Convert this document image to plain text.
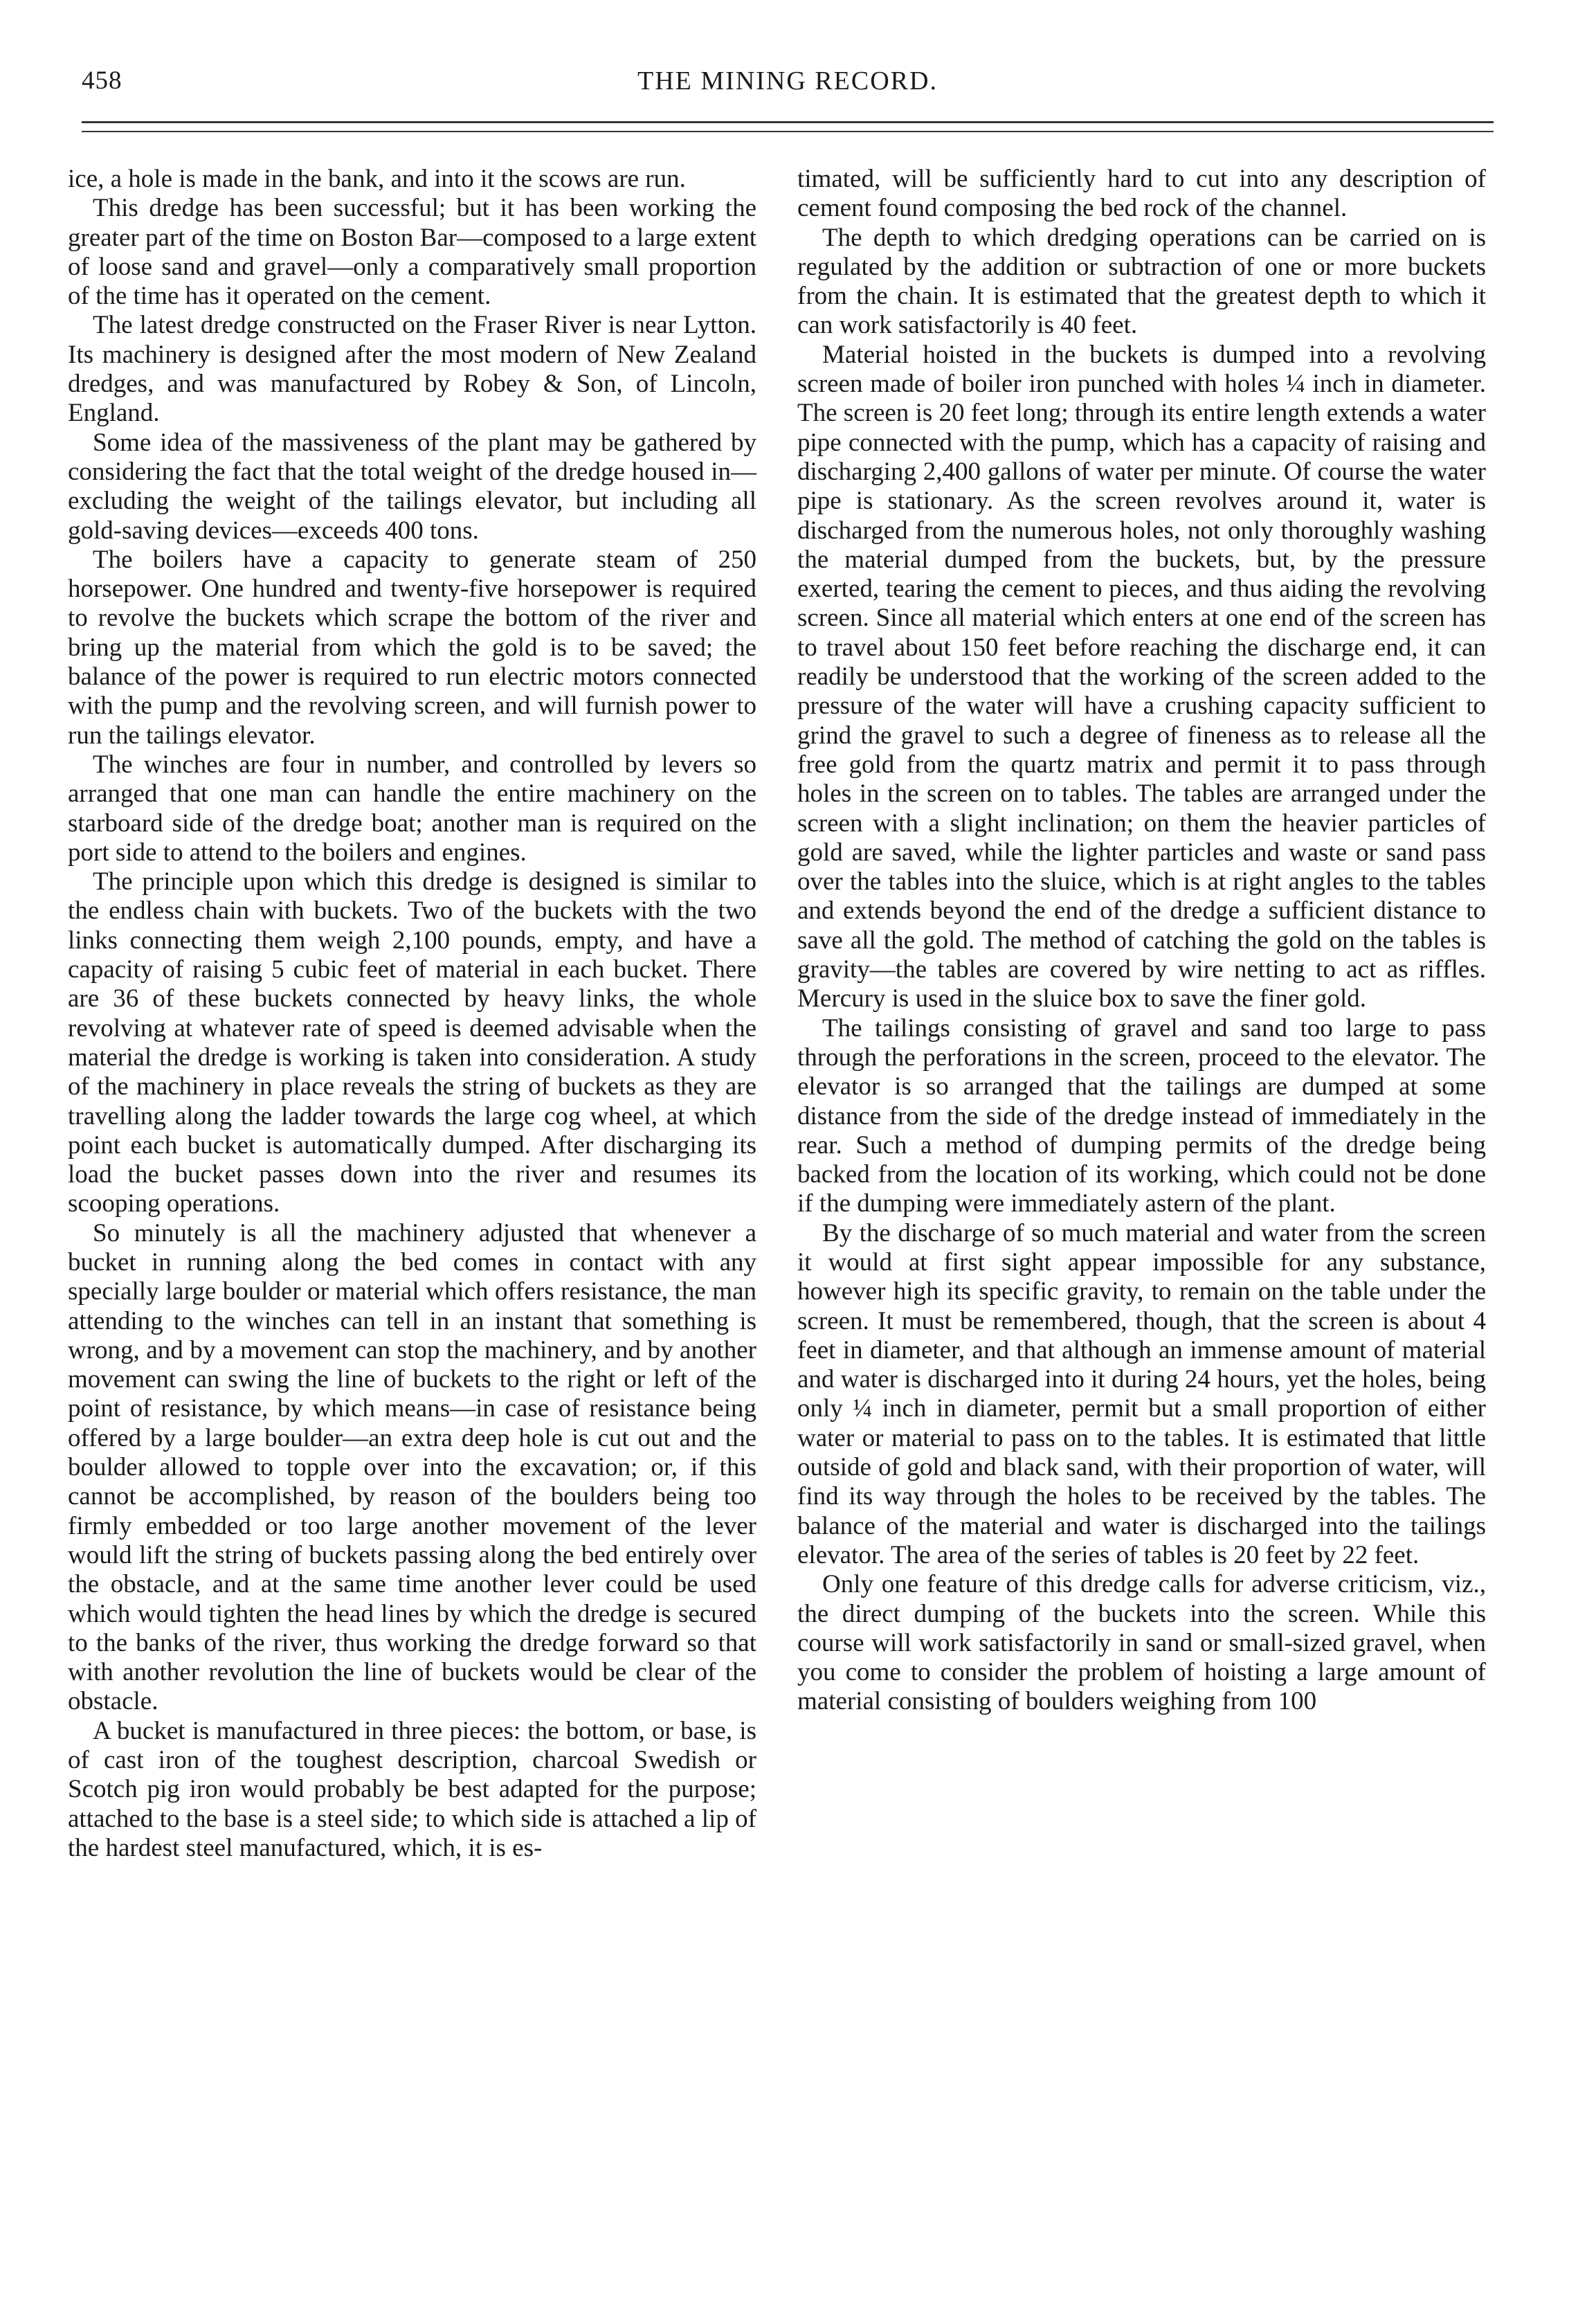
458	THE MINING RECORD.

ice, a hole is made in the bank, and into it the scows are run.

This dredge has been successful; but it has been working the greater part of the time on Boston Bar—composed to a large extent of loose sand and gravel—only a comparatively small proportion of the time has it operated on the cement.

The latest dredge constructed on the Fraser River is near Lytton. Its machinery is designed after the most modern of New Zealand dredges, and was manufactured by Robey & Son, of Lincoln, England.

Some idea of the massiveness of the plant may be gathered by considering the fact that the total weight of the dredge housed in—excluding the weight of the tailings elevator, but including all gold-saving devices—exceeds 400 tons.

The boilers have a capacity to generate steam of 250 horsepower. One hundred and twenty-five horsepower is required to revolve the buckets which scrape the bottom of the river and bring up the material from which the gold is to be saved; the balance of the power is required to run electric motors connected with the pump and the revolving screen, and will furnish power to run the tailings elevator.

The winches are four in number, and controlled by levers so arranged that one man can handle the entire machinery on the starboard side of the dredge boat; another man is required on the port side to attend to the boilers and engines.

The principle upon which this dredge is designed is similar to the endless chain with buckets. Two of the buckets with the two links connecting them weigh 2,100 pounds, empty, and have a capacity of raising 5 cubic feet of material in each bucket. There are 36 of these buckets connected by heavy links, the whole revolving at whatever rate of speed is deemed advisable when the material the dredge is working is taken into consideration. A study of the machinery in place reveals the string of buckets as they are travelling along the ladder towards the large cog wheel, at which point each bucket is automatically dumped. After discharging its load the bucket passes down into the river and resumes its scooping operations.

So minutely is all the machinery adjusted that whenever a bucket in running along the bed comes in contact with any specially large boulder or material which offers resistance, the man attending to the winches can tell in an instant that something is wrong, and by a movement can stop the machinery, and by another movement can swing the line of buckets to the right or left of the point of resistance, by which means—in case of resistance being offered by a large boulder—an extra deep hole is cut out and the boulder allowed to topple over into the excavation; or, if this cannot be accomplished, by reason of the boulders being too firmly embedded or too large another movement of the lever would lift the string of buckets passing along the bed entirely over the obstacle, and at the same time another lever could be used which would tighten the head lines by which the dredge is secured to the banks of the river, thus working the dredge forward so that with another revolution the line of buckets would be clear of the obstacle.

A bucket is manufactured in three pieces: the bottom, or base, is of cast iron of the toughest description, charcoal Swedish or Scotch pig iron would probably be best adapted for the purpose; attached to the base is a steel side; to which side is attached a lip of the hardest steel manufactured, which, it is es-

timated, will be sufficiently hard to cut into any description of cement found composing the bed rock of the channel.

The depth to which dredging operations can be carried on is regulated by the addition or subtraction of one or more buckets from the chain. It is estimated that the greatest depth to which it can work satisfactorily is 40 feet.

Material hoisted in the buckets is dumped into a revolving screen made of boiler iron punched with holes ¼ inch in diameter. The screen is 20 feet long; through its entire length extends a water pipe connected with the pump, which has a capacity of raising and discharging 2,400 gallons of water per minute. Of course the water pipe is stationary. As the screen revolves around it, water is discharged from the numerous holes, not only thoroughly washing the material dumped from the buckets, but, by the pressure exerted, tearing the cement to pieces, and thus aiding the revolving screen. Since all material which enters at one end of the screen has to travel about 150 feet before reaching the discharge end, it can readily be understood that the working of the screen added to the pressure of the water will have a crushing capacity sufficient to grind the gravel to such a degree of fineness as to release all the free gold from the quartz matrix and permit it to pass through holes in the screen on to tables. The tables are arranged under the screen with a slight inclination; on them the heavier particles of gold are saved, while the lighter particles and waste or sand pass over the tables into the sluice, which is at right angles to the tables and extends beyond the end of the dredge a sufficient distance to save all the gold. The method of catching the gold on the tables is gravity—the tables are covered by wire netting to act as riffles. Mercury is used in the sluice box to save the finer gold.

The tailings consisting of gravel and sand too large to pass through the perforations in the screen, proceed to the elevator. The elevator is so arranged that the tailings are dumped at some distance from the side of the dredge instead of immediately in the rear. Such a method of dumping permits of the dredge being backed from the location of its working, which could not be done if the dumping were immediately astern of the plant.

By the discharge of so much material and water from the screen it would at first sight appear impossible for any substance, however high its specific gravity, to remain on the table under the screen. It must be remembered, though, that the screen is about 4 feet in diameter, and that although an immense amount of material and water is discharged into it during 24 hours, yet the holes, being only ¼ inch in diameter, permit but a small proportion of either water or material to pass on to the tables. It is estimated that little outside of gold and black sand, with their proportion of water, will find its way through the holes to be received by the tables. The balance of the material and water is discharged into the tailings elevator. The area of the series of tables is 20 feet by 22 feet.

Only one feature of this dredge calls for adverse criticism, viz., the direct dumping of the buckets into the screen. While this course will work satisfactorily in sand or small-sized gravel, when you come to consider the problem of hoisting a large amount of material consisting of boulders weighing from 100
